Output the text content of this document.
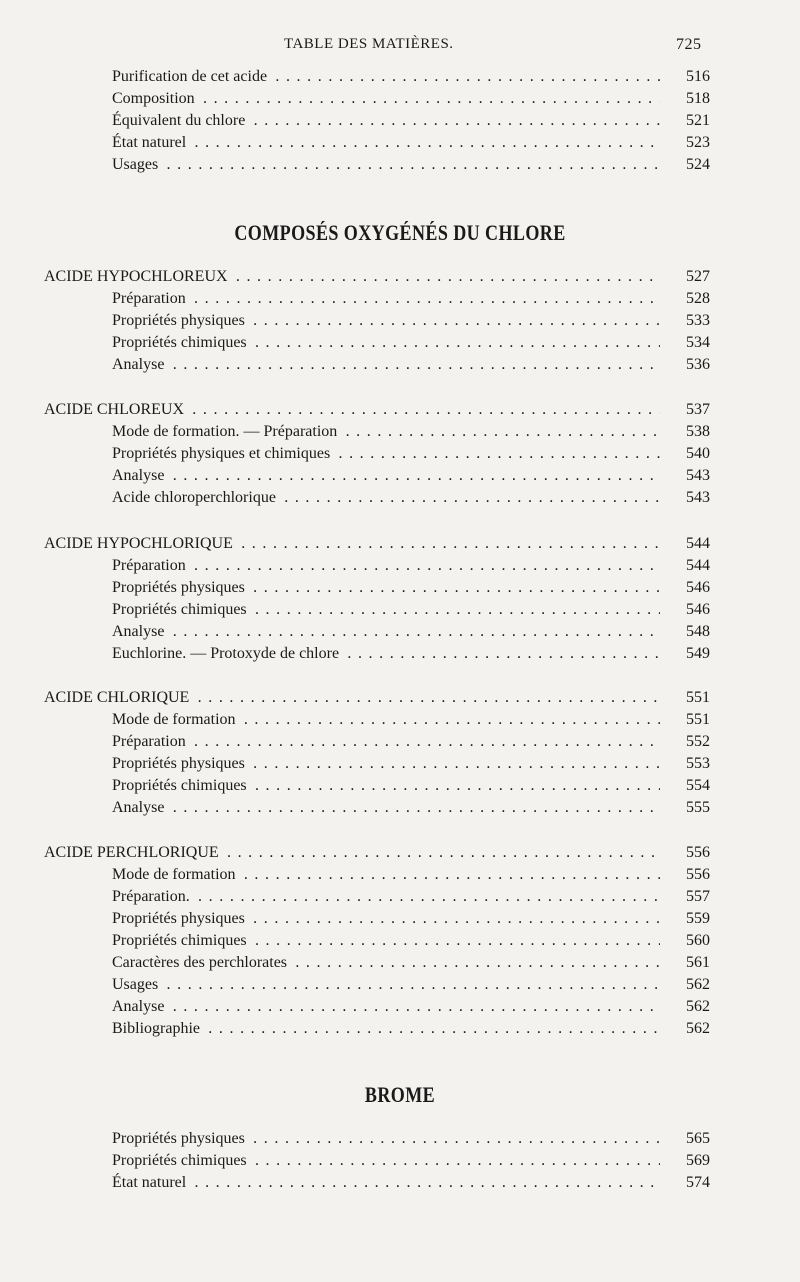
TABLE DES MATIÈRES.	725
Purification de cet acide . . .	516
Composition . . .	518
Équivalent du chlore . . .	521
État naturel . . .	523
Usages . . .	524
COMPOSÉS OXYGÉNÉS DU CHLORE
ACIDE HYPOCHLOREUX . . .	527
Préparation . . .	528
Propriétés physiques . . .	533
Propriétés chimiques . . .	534
Analyse . . .	536
ACIDE CHLOREUX . . .	537
Mode de formation. — Préparation . . .	538
Propriétés physiques et chimiques . . .	540
Analyse . . .	543
Acide chloroperchlorique . . .	543
ACIDE HYPOCHLORIQUE . . .	544
Préparation . . .	544
Propriétés physiques . . .	546
Propriétés chimiques . . .	546
Analyse . . .	548
Euchlorine. — Protoxyde de chlore . . .	549
ACIDE CHLORIQUE . . .	551
Mode de formation . . .	551
Préparation . . .	552
Propriétés physiques . . .	553
Propriétés chimiques . . .	554
Analyse . . .	555
ACIDE PERCHLORIQUE . . .	556
Mode de formation . . .	556
Préparation. . . .	557
Propriétés physiques . . .	559
Propriétés chimiques . . .	560
Caractères des perchlorates . . .	561
Usages . . .	562
Analyse . . .	562
Bibliographie . . .	562
BROME
Propriétés physiques . . .	565
Propriétés chimiques . . .	569
État naturel . . .	574
